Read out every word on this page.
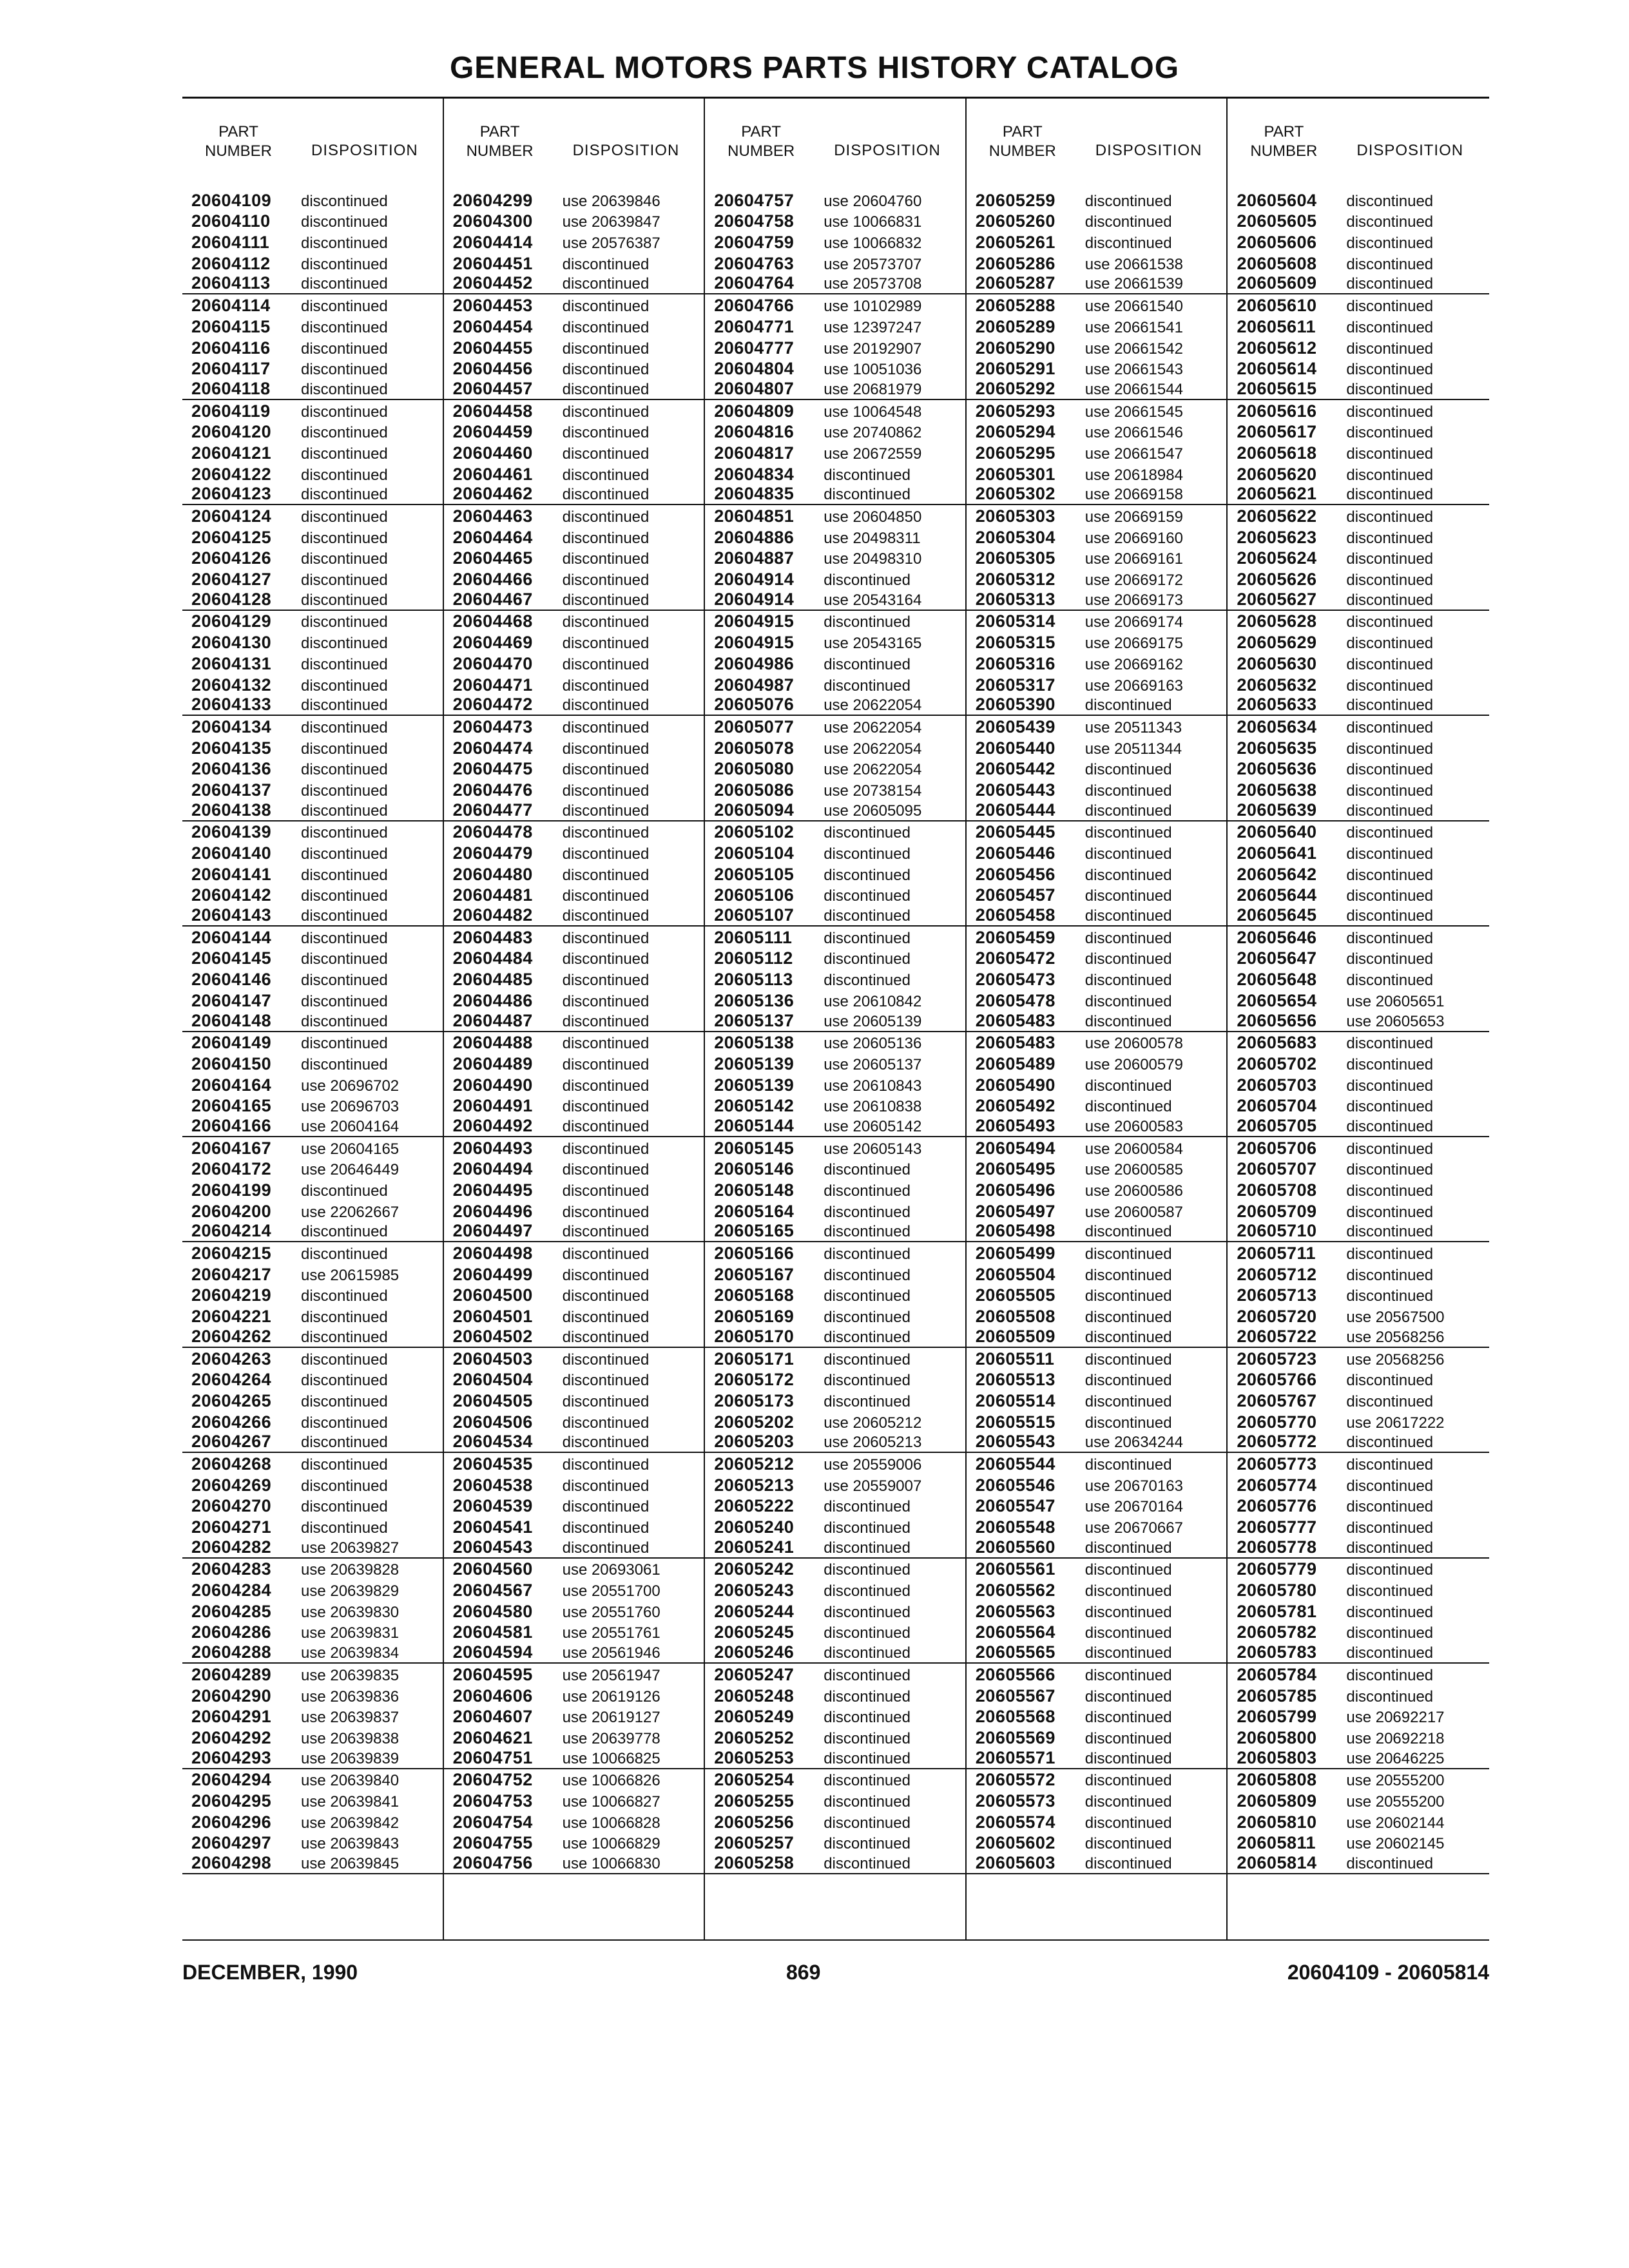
GENERAL MOTORS PARTS HISTORY CATALOG
PART
NUMBER	DISPOSITION
20604109	discontinued
20604110	discontinued
20604111	discontinued
20604112	discontinued
20604113	discontinued
20604114	discontinued
20604115	discontinued
20604116	discontinued
20604117	discontinued
20604118	discontinued
20604119	discontinued
20604120	discontinued
20604121	discontinued
20604122	discontinued
20604123	discontinued
20604124	discontinued
20604125	discontinued
20604126	discontinued
20604127	discontinued
20604128	discontinued
20604129	discontinued
20604130	discontinued
20604131	discontinued
20604132	discontinued
20604133	discontinued
20604134	discontinued
20604135	discontinued
20604136	discontinued
20604137	discontinued
20604138	discontinued
20604139	discontinued
20604140	discontinued
20604141	discontinued
20604142	discontinued
20604143	discontinued
20604144	discontinued
20604145	discontinued
20604146	discontinued
20604147	discontinued
20604148	discontinued
20604149	discontinued
20604150	discontinued
20604164	use 20696702
20604165	use 20696703
20604166	use 20604164
20604167	use 20604165
20604172	use 20646449
20604199	discontinued
20604200	use 22062667
20604214	discontinued
20604215	discontinued
20604217	use 20615985
20604219	discontinued
20604221	discontinued
20604262	discontinued
20604263	discontinued
20604264	discontinued
20604265	discontinued
20604266	discontinued
20604267	discontinued
20604268	discontinued
20604269	discontinued
20604270	discontinued
20604271	discontinued
20604282	use 20639827
20604283	use 20639828
20604284	use 20639829
20604285	use 20639830
20604286	use 20639831
20604288	use 20639834
20604289	use 20639835
20604290	use 20639836
20604291	use 20639837
20604292	use 20639838
20604293	use 20639839
20604294	use 20639840
20604295	use 20639841
20604296	use 20639842
20604297	use 20639843
20604298	use 20639845
PART
NUMBER	DISPOSITION
20604299	use 20639846
20604300	use 20639847
20604414	use 20576387
20604451	discontinued
20604452	discontinued
20604453	discontinued
20604454	discontinued
20604455	discontinued
20604456	discontinued
20604457	discontinued
20604458	discontinued
20604459	discontinued
20604460	discontinued
20604461	discontinued
20604462	discontinued
20604463	discontinued
20604464	discontinued
20604465	discontinued
20604466	discontinued
20604467	discontinued
20604468	discontinued
20604469	discontinued
20604470	discontinued
20604471	discontinued
20604472	discontinued
20604473	discontinued
20604474	discontinued
20604475	discontinued
20604476	discontinued
20604477	discontinued
20604478	discontinued
20604479	discontinued
20604480	discontinued
20604481	discontinued
20604482	discontinued
20604483	discontinued
20604484	discontinued
20604485	discontinued
20604486	discontinued
20604487	discontinued
20604488	discontinued
20604489	discontinued
20604490	discontinued
20604491	discontinued
20604492	discontinued
20604493	discontinued
20604494	discontinued
20604495	discontinued
20604496	discontinued
20604497	discontinued
20604498	discontinued
20604499	discontinued
20604500	discontinued
20604501	discontinued
20604502	discontinued
20604503	discontinued
20604504	discontinued
20604505	discontinued
20604506	discontinued
20604534	discontinued
20604535	discontinued
20604538	discontinued
20604539	discontinued
20604541	discontinued
20604543	discontinued
20604560	use 20693061
20604567	use 20551700
20604580	use 20551760
20604581	use 20551761
20604594	use 20561946
20604595	use 20561947
20604606	use 20619126
20604607	use 20619127
20604621	use 20639778
20604751	use 10066825
20604752	use 10066826
20604753	use 10066827
20604754	use 10066828
20604755	use 10066829
20604756	use 10066830
PART
NUMBER	DISPOSITION
20604757	use 20604760
20604758	use 10066831
20604759	use 10066832
20604763	use 20573707
20604764	use 20573708
20604766	use 10102989
20604771	use 12397247
20604777	use 20192907
20604804	use 10051036
20604807	use 20681979
20604809	use 10064548
20604816	use 20740862
20604817	use 20672559
20604834	discontinued
20604835	discontinued
20604851	use 20604850
20604886	use 20498311
20604887	use 20498310
20604914	discontinued
20604914	use 20543164
20604915	discontinued
20604915	use 20543165
20604986	discontinued
20604987	discontinued
20605076	use 20622054
20605077	use 20622054
20605078	use 20622054
20605080	use 20622054
20605086	use 20738154
20605094	use 20605095
20605102	discontinued
20605104	discontinued
20605105	discontinued
20605106	discontinued
20605107	discontinued
20605111	discontinued
20605112	discontinued
20605113	discontinued
20605136	use 20610842
20605137	use 20605139
20605138	use 20605136
20605139	use 20605137
20605139	use 20610843
20605142	use 20610838
20605144	use 20605142
20605145	use 20605143
20605146	discontinued
20605148	discontinued
20605164	discontinued
20605165	discontinued
20605166	discontinued
20605167	discontinued
20605168	discontinued
20605169	discontinued
20605170	discontinued
20605171	discontinued
20605172	discontinued
20605173	discontinued
20605202	use 20605212
20605203	use 20605213
20605212	use 20559006
20605213	use 20559007
20605222	discontinued
20605240	discontinued
20605241	discontinued
20605242	discontinued
20605243	discontinued
20605244	discontinued
20605245	discontinued
20605246	discontinued
20605247	discontinued
20605248	discontinued
20605249	discontinued
20605252	discontinued
20605253	discontinued
20605254	discontinued
20605255	discontinued
20605256	discontinued
20605257	discontinued
20605258	discontinued
PART
NUMBER	DISPOSITION
20605259	discontinued
20605260	discontinued
20605261	discontinued
20605286	use 20661538
20605287	use 20661539
20605288	use 20661540
20605289	use 20661541
20605290	use 20661542
20605291	use 20661543
20605292	use 20661544
20605293	use 20661545
20605294	use 20661546
20605295	use 20661547
20605301	use 20618984
20605302	use 20669158
20605303	use 20669159
20605304	use 20669160
20605305	use 20669161
20605312	use 20669172
20605313	use 20669173
20605314	use 20669174
20605315	use 20669175
20605316	use 20669162
20605317	use 20669163
20605390	discontinued
20605439	use 20511343
20605440	use 20511344
20605442	discontinued
20605443	discontinued
20605444	discontinued
20605445	discontinued
20605446	discontinued
20605456	discontinued
20605457	discontinued
20605458	discontinued
20605459	discontinued
20605472	discontinued
20605473	discontinued
20605478	discontinued
20605483	discontinued
20605483	use 20600578
20605489	use 20600579
20605490	discontinued
20605492	discontinued
20605493	use 20600583
20605494	use 20600584
20605495	use 20600585
20605496	use 20600586
20605497	use 20600587
20605498	discontinued
20605499	discontinued
20605504	discontinued
20605505	discontinued
20605508	discontinued
20605509	discontinued
20605511	discontinued
20605513	discontinued
20605514	discontinued
20605515	discontinued
20605543	use 20634244
20605544	discontinued
20605546	use 20670163
20605547	use 20670164
20605548	use 20670667
20605560	discontinued
20605561	discontinued
20605562	discontinued
20605563	discontinued
20605564	discontinued
20605565	discontinued
20605566	discontinued
20605567	discontinued
20605568	discontinued
20605569	discontinued
20605571	discontinued
20605572	discontinued
20605573	discontinued
20605574	discontinued
20605602	discontinued
20605603	discontinued
PART
NUMBER	DISPOSITION
20605604	discontinued
20605605	discontinued
20605606	discontinued
20605608	discontinued
20605609	discontinued
20605610	discontinued
20605611	discontinued
20605612	discontinued
20605614	discontinued
20605615	discontinued
20605616	discontinued
20605617	discontinued
20605618	discontinued
20605620	discontinued
20605621	discontinued
20605622	discontinued
20605623	discontinued
20605624	discontinued
20605626	discontinued
20605627	discontinued
20605628	discontinued
20605629	discontinued
20605630	discontinued
20605632	discontinued
20605633	discontinued
20605634	discontinued
20605635	discontinued
20605636	discontinued
20605638	discontinued
20605639	discontinued
20605640	discontinued
20605641	discontinued
20605642	discontinued
20605644	discontinued
20605645	discontinued
20605646	discontinued
20605647	discontinued
20605648	discontinued
20605654	use 20605651
20605656	use 20605653
20605683	discontinued
20605702	discontinued
20605703	discontinued
20605704	discontinued
20605705	discontinued
20605706	discontinued
20605707	discontinued
20605708	discontinued
20605709	discontinued
20605710	discontinued
20605711	discontinued
20605712	discontinued
20605713	discontinued
20605720	use 20567500
20605722	use 20568256
20605723	use 20568256
20605766	discontinued
20605767	discontinued
20605770	use 20617222
20605772	discontinued
20605773	discontinued
20605774	discontinued
20605776	discontinued
20605777	discontinued
20605778	discontinued
20605779	discontinued
20605780	discontinued
20605781	discontinued
20605782	discontinued
20605783	discontinued
20605784	discontinued
20605785	discontinued
20605799	use 20692217
20605800	use 20692218
20605803	use 20646225
20605808	use 20555200
20605809	use 20555200
20605810	use 20602144
20605811	use 20602145
20605814	discontinued
DECEMBER, 1990	869	20604109 - 20605814
